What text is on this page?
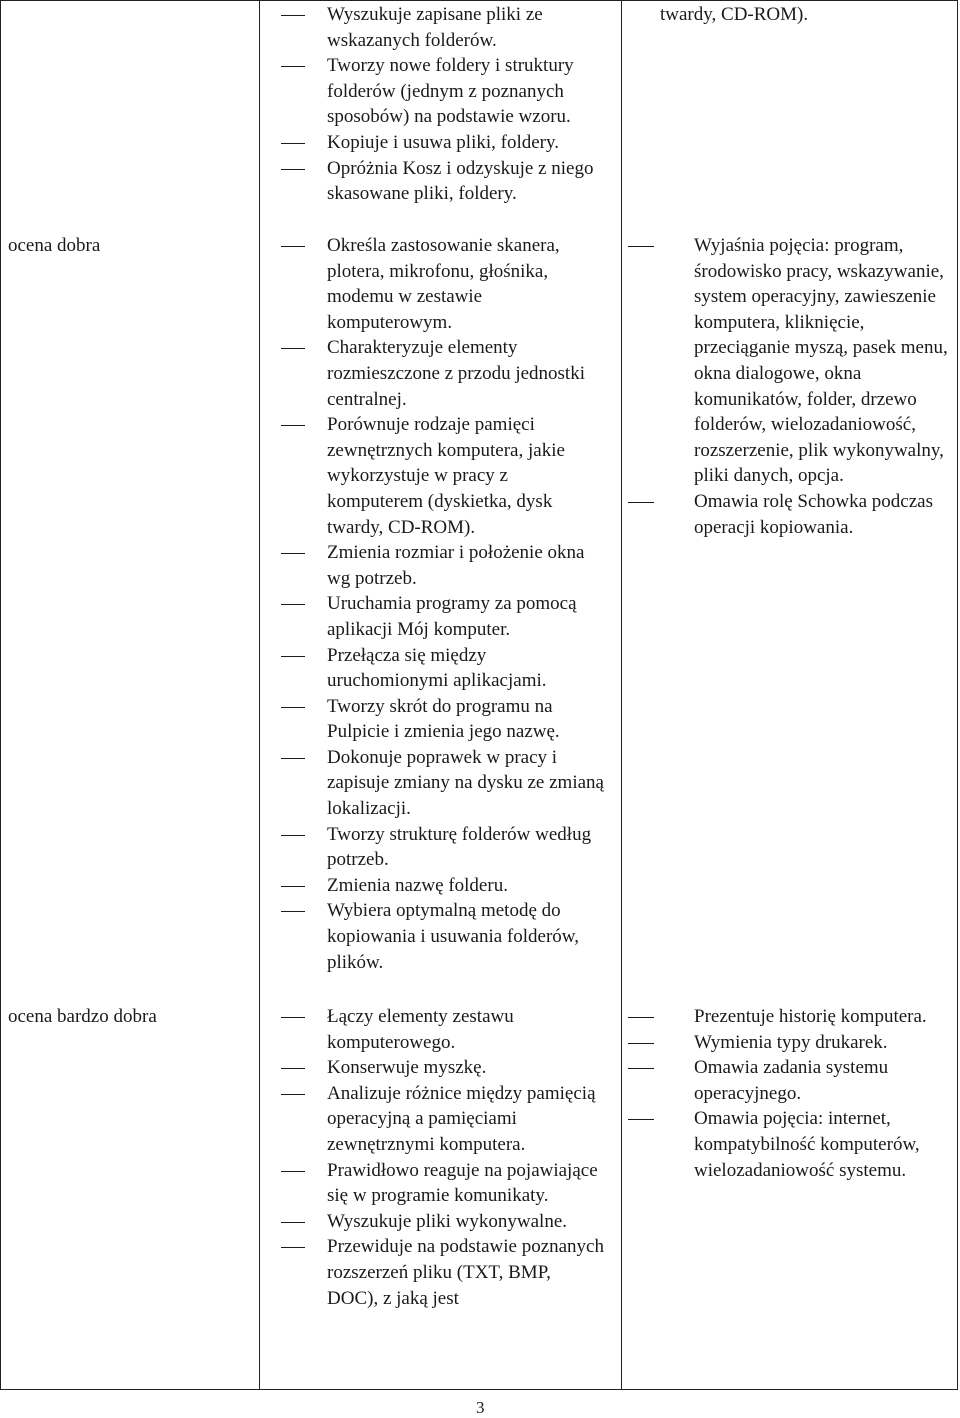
Wyszukuje zapisane pliki ze wskazanych folderów.
Tworzy nowe foldery i struktury folderów (jednym z poznanych sposobów) na podstawie wzoru.
Kopiuje i usuwa pliki, foldery.
Opróżnia Kosz i odzyskuje z niego skasowane pliki, foldery.
twardy, CD-ROM).
ocena dobra	Określa zastosowanie skanera, plotera, mikrofonu, głośnika, modemu w zestawie komputerowym.
Charakteryzuje elementy rozmieszczone z przodu jednostki centralnej.
Porównuje rodzaje pamięci zewnętrznych komputera, jakie wykorzystuje w pracy z komputerem (dyskietka, dysk twardy, CD-ROM).
Zmienia rozmiar i położenie okna wg potrzeb.
Uruchamia programy za pomocą aplikacji Mój komputer.
Przełącza się między uruchomionymi aplikacjami.
Tworzy skrót do programu na Pulpicie i zmienia jego nazwę.
Dokonuje poprawek w pracy i zapisuje zmiany na dysku ze zmianą lokalizacji.
Tworzy strukturę folderów według potrzeb.
Zmienia nazwę folderu.
Wybiera optymalną metodę do kopiowania i usuwania folderów, plików.
Wyjaśnia pojęcia: program, środowisko pracy, wskazywanie, system operacyjny, zawieszenie komputera, kliknięcie, przeciąganie myszą, pasek menu, okna dialogowe, okna komunikatów, folder, drzewo folderów, wielozadaniowość, rozszerzenie, plik wykonywalny, pliki danych, opcja.
Omawia rolę Schowka podczas operacji kopiowania.
ocena bardzo dobra	Łączy elementy zestawu komputerowego.
Konserwuje myszkę.
Analizuje różnice między pamięcią operacyjną a pamięciami zewnętrznymi komputera.
Prawidłowo reaguje na pojawiające się w programie komunikaty.
Wyszukuje pliki wykonywalne.
Przewiduje na podstawie poznanych rozszerzeń pliku (TXT, BMP, DOC), z jaką jest
Prezentuje historię komputera.
Wymienia typy drukarek.
Omawia zadania systemu operacyjnego.
Omawia pojęcia: internet, kompatybilność komputerów, wielozadaniowość systemu.
3
